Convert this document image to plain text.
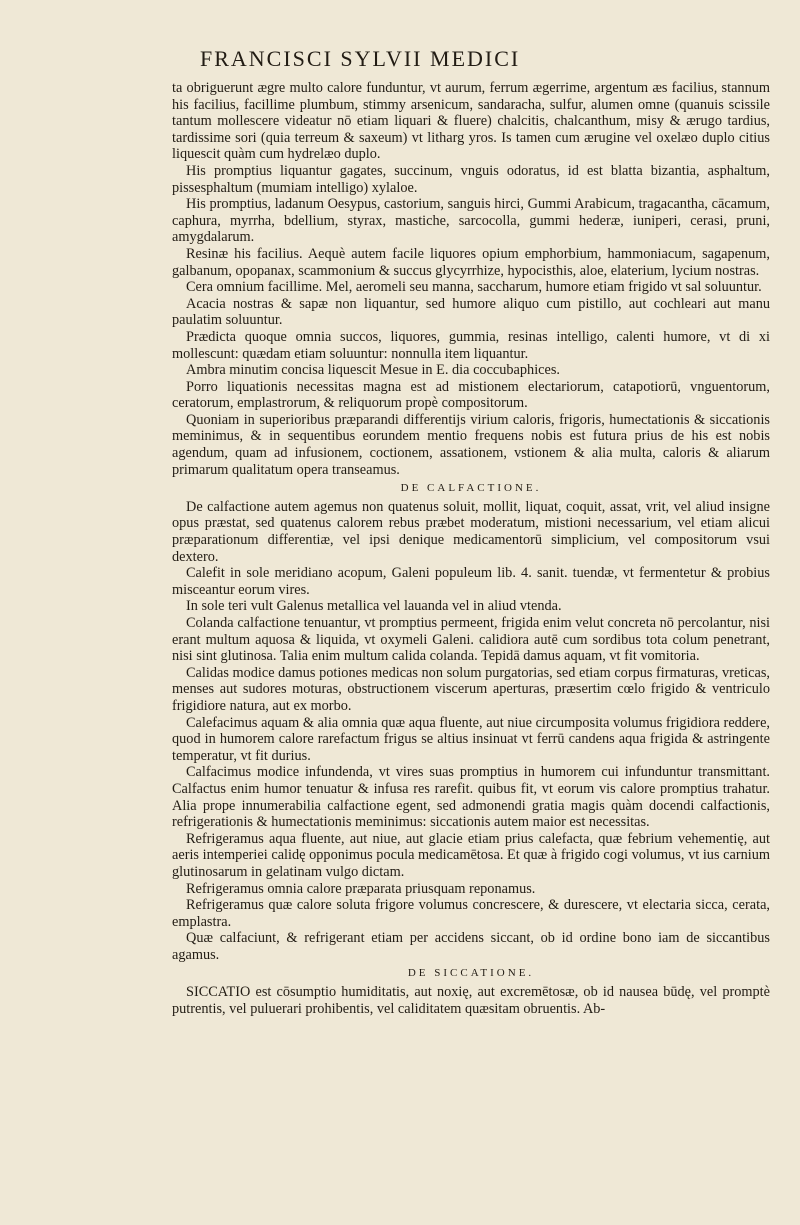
FRANCISCI SYLVII MEDICI

ta obriguerunt ægre multo calore funduntur, vt aurum, ferrum ægerrime, argentum æs facilius, stannum his facilius, facillime plumbum, stimmy arsenicum, sandaracha, sulfur, alumen omne (quanuis scissile tantum mollescere videatur nō etiam liquari & fluere) chalcitis, chalcanthum, misy & ærugo tardius, tardissime sori (quia terreum & saxeum) vt litharg yros. Is tamen cum ærugine vel oxelæo duplo citius liquescit quàm cum hydrelæo duplo.

His promptius liquantur gagates, succinum, vnguis odoratus, id est blatta bizantia, asphaltum, pissesphaltum (mumiam intelligo) xylaloe.

His promptius, ladanum Oesypus, castorium, sanguis hirci, Gummi Arabicum, tragacantha, cācamum, caphura, myrrha, bdellium, styrax, mastiche, sarcocolla, gummi hederæ, iuniperi, cerasi, pruni, amygdalarum.

Resinæ his facilius. Aequè autem facile liquores opium emphorbium, hammoniacum, sagapenum, galbanum, opopanax, scammonium & succus glycyrrhize, hypocisthis, aloe, elaterium, lycium nostras.

Cera omnium facillime. Mel, aeromeli seu manna, saccharum, humore etiam frigido vt sal soluuntur.

Acacia nostras & sapæ non liquantur, sed humore aliquo cum pistillo, aut cochleari aut manu paulatim soluuntur.

Prædicta quoque omnia succos, liquores, gummia, resinas intelligo, calenti humore, vt di xi mollescunt: quædam etiam soluuntur: nonnulla item liquantur.

Ambra minutim concisa liquescit Mesue in E. dia coccubaphices.

Porro liquationis necessitas magna est ad mistionem electariorum, catapotiorū, vnguentorum, ceratorum, emplastrorum, & reliquorum propè compositorum.

Quoniam in superioribus præparandi differentijs virium caloris, frigoris, humectationis & siccationis meminimus, & in sequentibus eorundem mentio frequens nobis est futura prius de his est nobis agendum, quam ad infusionem, coctionem, assationem, vstionem & alia multa, caloris & aliarum primarum qualitatum opera transeamus.

DE CALFACTIONE.

De calfactione autem agemus non quatenus soluit, mollit, liquat, coquit, assat, vrit, vel aliud insigne opus præstat, sed quatenus calorem rebus præbet moderatum, mistioni necessarium, vel etiam alicui præparationum differentiæ, vel ipsi denique medicamentorū simplicium, vel compositorum vsui dextero.

Calefit in sole meridiano acopum, Galeni populeum lib. 4. sanit. tuendæ, vt fermentetur & probius misceantur eorum vires.

In sole teri vult Galenus metallica vel lauanda vel in aliud vtenda.

Colanda calfactione tenuantur, vt promptius permeent, frigida enim velut concreta nō percolantur, nisi erant multum aquosa & liquida, vt oxymeli Galeni. calidiora autē cum sordibus tota colum penetrant, nisi sint glutinosa. Talia enim multum calida colanda. Tepidā damus aquam, vt fit vomitoria.

Calidas modice damus potiones medicas non solum purgatorias, sed etiam corpus firmaturas, vreticas, menses aut sudores moturas, obstructionem viscerum aperturas, præsertim cœlo frigido & ventriculo frigidiore natura, aut ex morbo.

Calefacimus aquam & alia omnia quæ aqua fluente, aut niue circumposita volumus frigidiora reddere, quod in humorem calore rarefactum frigus se altius insinuat vt ferrū candens aqua frigida & astringente temperatur, vt fit durius.

Calfacimus modice infundenda, vt vires suas promptius in humorem cui infunduntur transmittant. Calfactus enim humor tenuatur & infusa res rarefit. quibus fit, vt eorum vis calore promptius trahatur. Alia prope innumerabilia calfactione egent, sed admonendi gratia magis quàm docendi calfactionis, refrigerationis & humectationis meminimus: siccationis autem maior est necessitas.

Refrigeramus aqua fluente, aut niue, aut glacie etiam prius calefacta, quæ febrium vehementię, aut aeris intemperiei calidę opponimus pocula medicamētosa. Et quæ à frigido cogi volumus, vt ius carnium glutinosarum in gelatinam vulgo dictam.

Refrigeramus omnia calore præparata priusquam reponamus.

Refrigeramus quæ calore soluta frigore volumus concrescere, & durescere, vt electaria sicca, cerata, emplastra.

Quæ calfaciunt, & refrigerant etiam per accidens siccant, ob id ordine bono iam de siccantibus agamus.

DE SICCATIONE.

SICCATIO est cōsumptio humiditatis, aut noxię, aut excremētosæ, ob id nausea būdę, vel promptè putrentis, vel puluerari prohibentis, vel caliditatem quæsitam obruentis. Ab-
